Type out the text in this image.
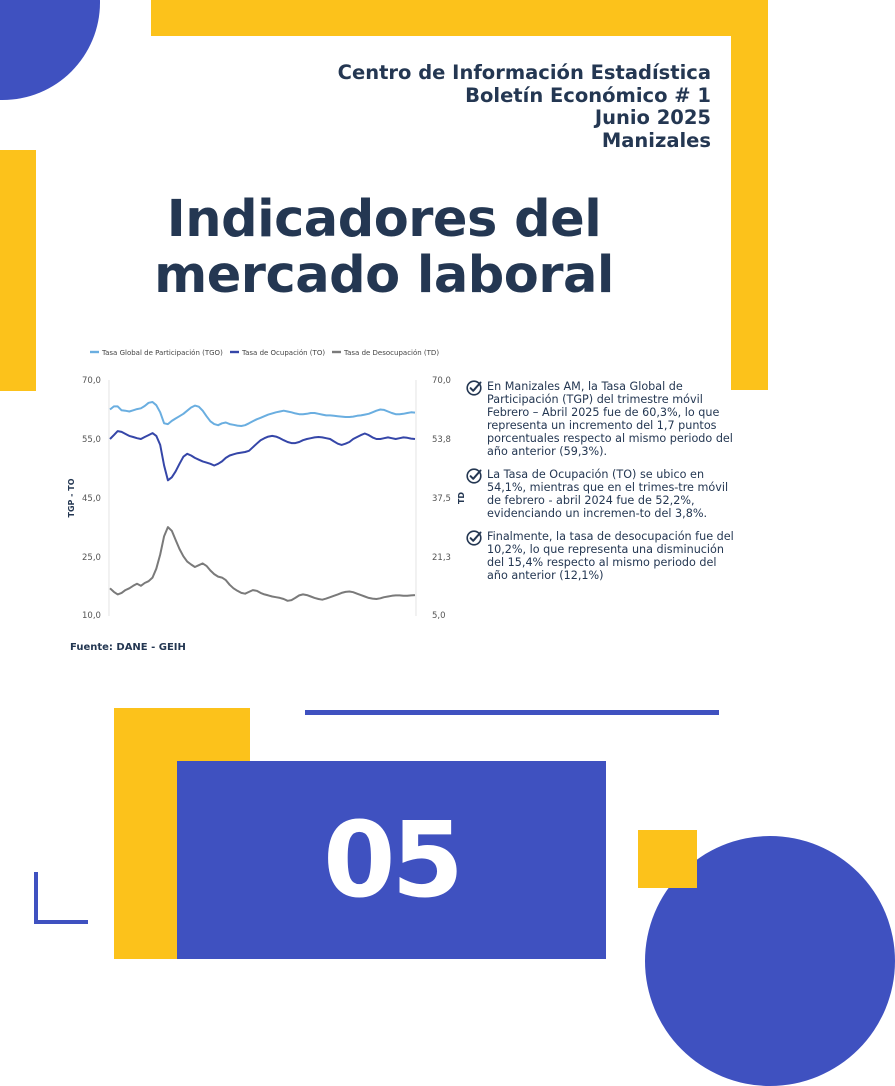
Centro de Información Estadística
Boletín Económico # 1
Junio 2025
Manizales
Indicadores del
mercado laboral
Tasa Global de Participación (TGO)	Tasa de Ocupación (TO)	Tasa de Desocupación (TD)
70,0
55,0
45,0
25,0
10,0
70,0
53,8
37,5
21,3
5,0
TGP - TO	TD

En Manizales AM, la Tasa Global de Participación (TGP) del trimestre móvil Febrero – Abril 2025 fue de 60,3%, lo que representa un incremento del 1,7 puntos porcentuales respecto al mismo periodo del año anterior (59,3%).

La Tasa de Ocupación (TO) se ubico en 54,1%, mientras que en el trimes-tre móvil de febrero - abril 2024 fue de 52,2%, evidenciando un incremen-to del 3,8%.

Finalmente, la tasa de desocupación fue del 10,2%, lo que representa una disminución del 15,4% respecto al mismo periodo del año anterior (12,1%)

Fuente: DANE - GEIH
05
